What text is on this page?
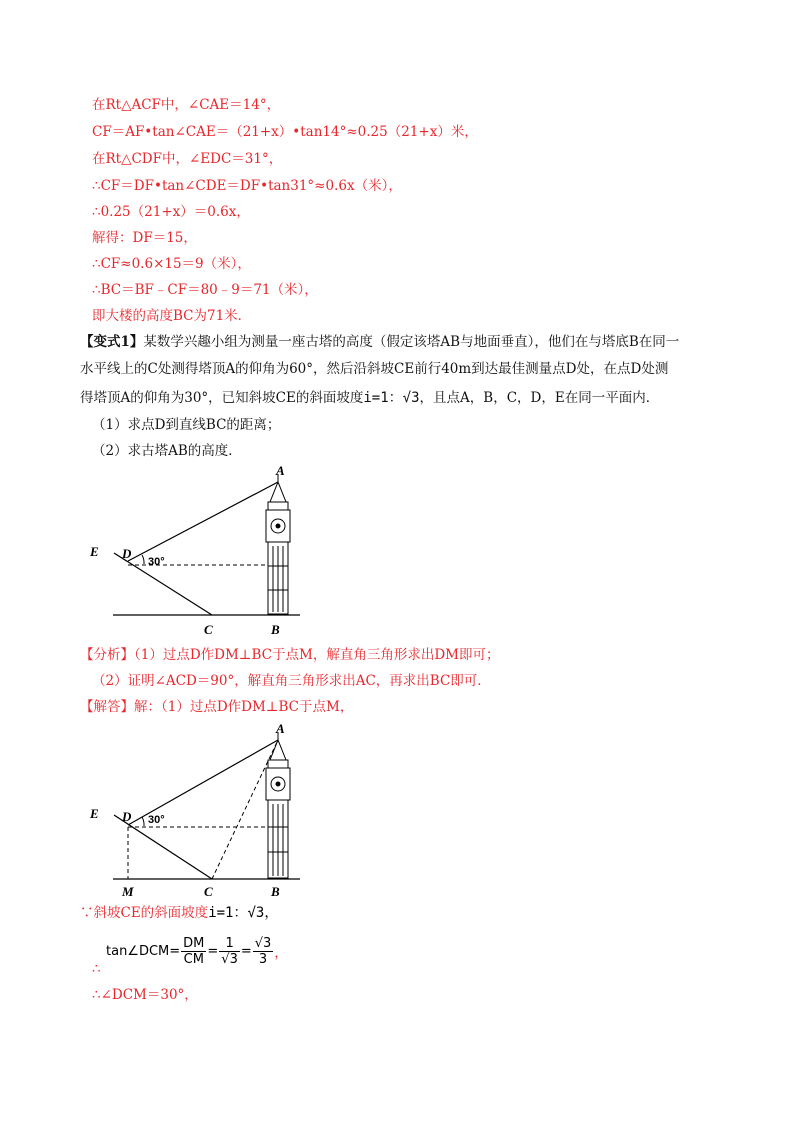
在Rt△ACF中，∠CAE＝14°，
CF＝AF•tan∠CAE＝（21+x）•tan14°≈0.25（21+x）米，
在Rt△CDF中，∠EDC＝31°，
∴CF＝DF•tan∠CDE＝DF•tan31°≈0.6x（米），
∴0.25（21+x）＝0.6x，
解得：DF＝15，
∴CF≈0.6×15＝9（米），
∴BC＝BF﹣CF＝80﹣9＝71（米），
即大楼的高度BC为71米．
【变式1】某数学兴趣小组为测量一座古塔的高度（假定该塔AB与地面垂直），他们在与塔底B在同一
水平线上的C处测得塔顶A的仰角为60°，然后沿斜坡CE前行40m到达最佳测量点D处，在点D处测
得塔顶A的仰角为30°，已知斜坡CE的斜面坡度i=1：√3，且点A，B，C，D，E在同一平面内．
（1）求点D到直线BC的距离；
（2）求古塔AB的高度．
A
E D
30°
C	B
【分析】（1）过点D作DM⊥BC于点M，解直角三角形求出DM即可；
（2）证明∠ACD＝90°，解直角三角形求出AC，再求出BC即可．
【解答】解：（1）过点D作DM⊥BC于点M，
A
E D 30°
M	C	B
∵斜坡CE的斜面坡度i=1：√3，
tan∠DCM= $\frac{DM}{CM} = \frac{1}{√3} = \frac{√3}{3}$ ，
∴
∴∠DCM＝30°，
